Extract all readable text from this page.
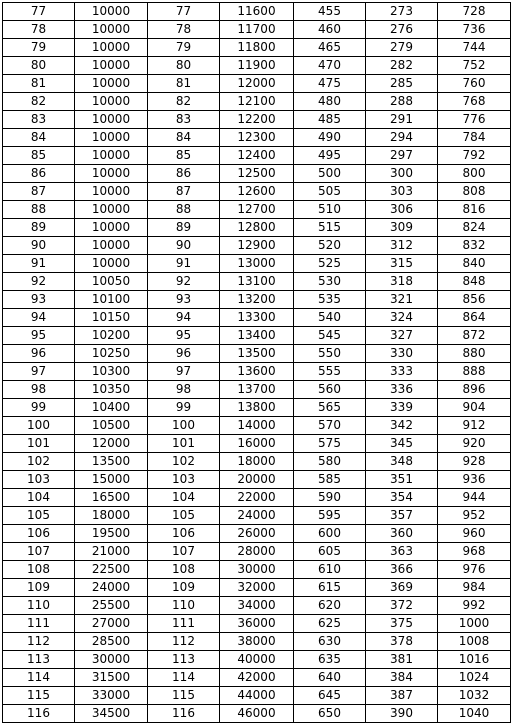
77	10000	77	11600	455	273	728
78	10000	78	11700	460	276	736
79	10000	79	11800	465	279	744
80	10000	80	11900	470	282	752
81	10000	81	12000	475	285	760
82	10000	82	12100	480	288	768
83	10000	83	12200	485	291	776
84	10000	84	12300	490	294	784
85	10000	85	12400	495	297	792
86	10000	86	12500	500	300	800
87	10000	87	12600	505	303	808
88	10000	88	12700	510	306	816
89	10000	89	12800	515	309	824
90	10000	90	12900	520	312	832
91	10000	91	13000	525	315	840
92	10050	92	13100	530	318	848
93	10100	93	13200	535	321	856
94	10150	94	13300	540	324	864
95	10200	95	13400	545	327	872
96	10250	96	13500	550	330	880
97	10300	97	13600	555	333	888
98	10350	98	13700	560	336	896
99	10400	99	13800	565	339	904
100	10500	100	14000	570	342	912
101	12000	101	16000	575	345	920
102	13500	102	18000	580	348	928
103	15000	103	20000	585	351	936
104	16500	104	22000	590	354	944
105	18000	105	24000	595	357	952
106	19500	106	26000	600	360	960
107	21000	107	28000	605	363	968
108	22500	108	30000	610	366	976
109	24000	109	32000	615	369	984
110	25500	110	34000	620	372	992
111	27000	111	36000	625	375	1000
112	28500	112	38000	630	378	1008
113	30000	113	40000	635	381	1016
114	31500	114	42000	640	384	1024
115	33000	115	44000	645	387	1032
116	34500	116	46000	650	390	1040
